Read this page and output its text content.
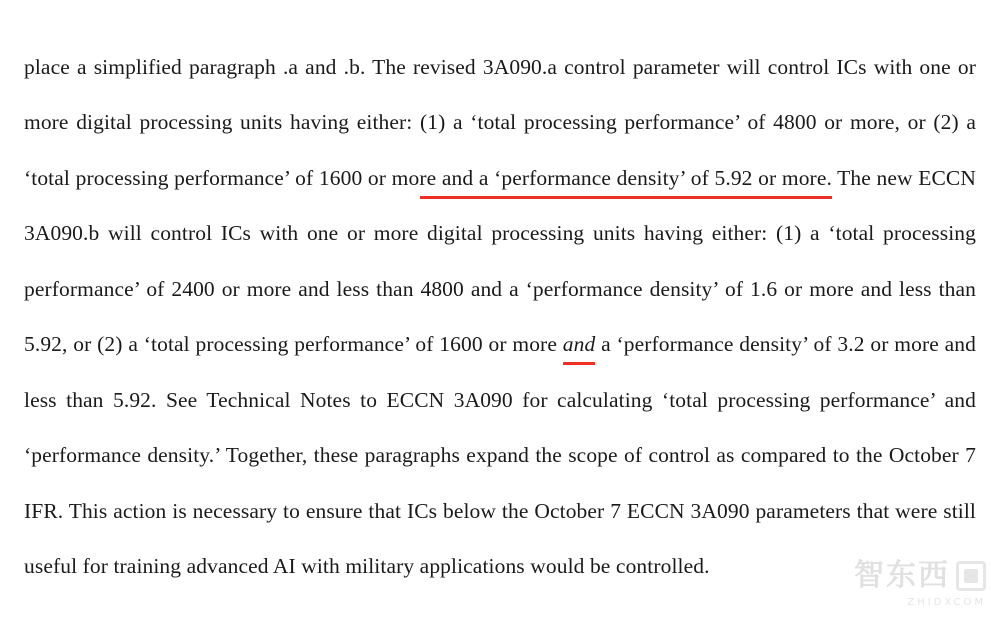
place a simplified paragraph .a and .b. The revised 3A090.a control parameter will control ICs with one or more digital processing units having either: (1) a ‘total processing performance’ of 4800 or more, or (2) a ‘total processing performance’ of 1600 or more and a ‘performance density’ of 5.92 or more. The new ECCN 3A090.b will control ICs with one or more digital processing units having either: (1) a ‘total processing performance’ of 2400 or more and less than 4800 and a ‘performance density’ of 1.6 or more and less than 5.92, or (2) a ‘total processing performance’ of 1600 or more and a ‘performance density’ of 3.2 or more and less than 5.92. See Technical Notes to ECCN 3A090 for calculating ‘total processing performance’ and ‘performance density.’ Together, these paragraphs expand the scope of control as compared to the October 7 IFR. This action is necessary to ensure that ICs below the October 7 ECCN 3A090 parameters that were still useful for training advanced AI with military applications would be controlled.	智东西
ZHIDXCOM
